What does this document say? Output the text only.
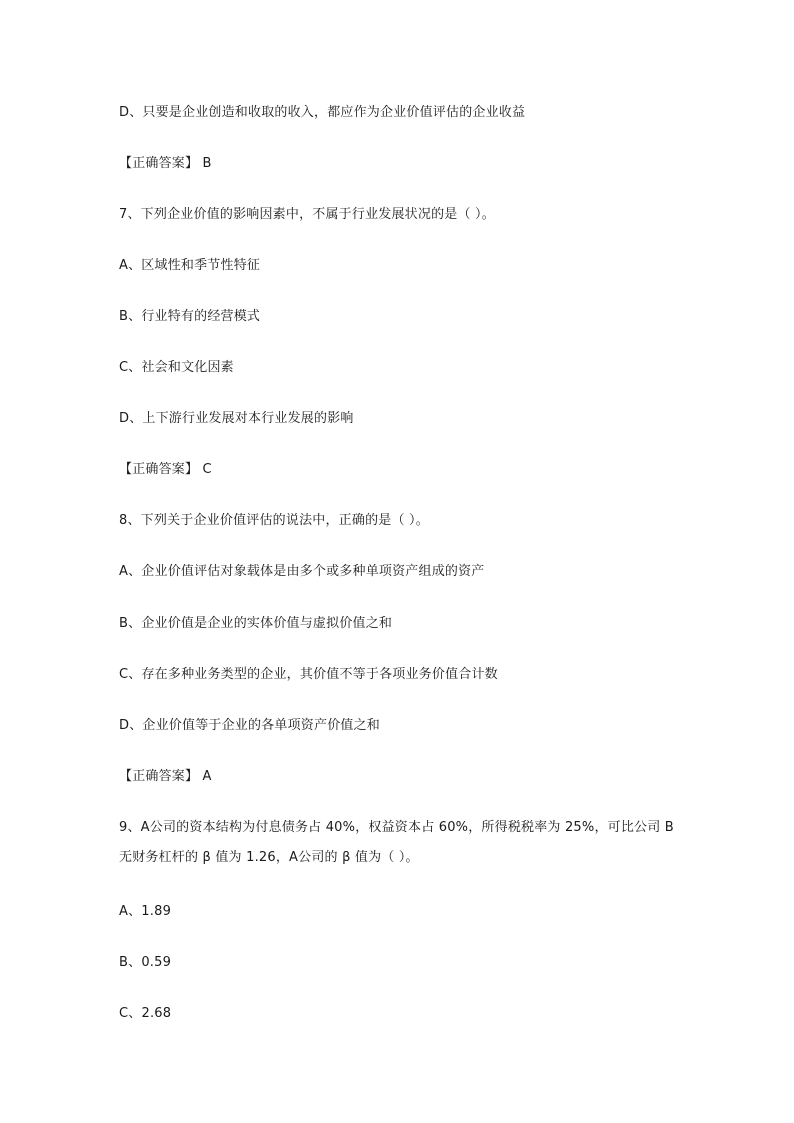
D、只要是企业创造和收取的收入，都应作为企业价值评估的企业收益
【正确答案】 B
7、下列企业价值的影响因素中，不属于行业发展状况的是（ ）。
A、区域性和季节性特征
B、行业特有的经营模式
C、社会和文化因素
D、上下游行业发展对本行业发展的影响
【正确答案】 C
8、下列关于企业价值评估的说法中，正确的是（ ）。
A、企业价值评估对象载体是由多个或多种单项资产组成的资产
B、企业价值是企业的实体价值与虚拟价值之和
C、存在多种业务类型的企业，其价值不等于各项业务价值合计数
D、企业价值等于企业的各单项资产价值之和
【正确答案】 A
9、A公司的资本结构为付息债务占 40%，权益资本占 60%，所得税税率为 25%，可比公司 B
无财务杠杆的 β 值为 1.26，A公司的 β 值为（ ）。
A、1.89
B、0.59
C、2.68
